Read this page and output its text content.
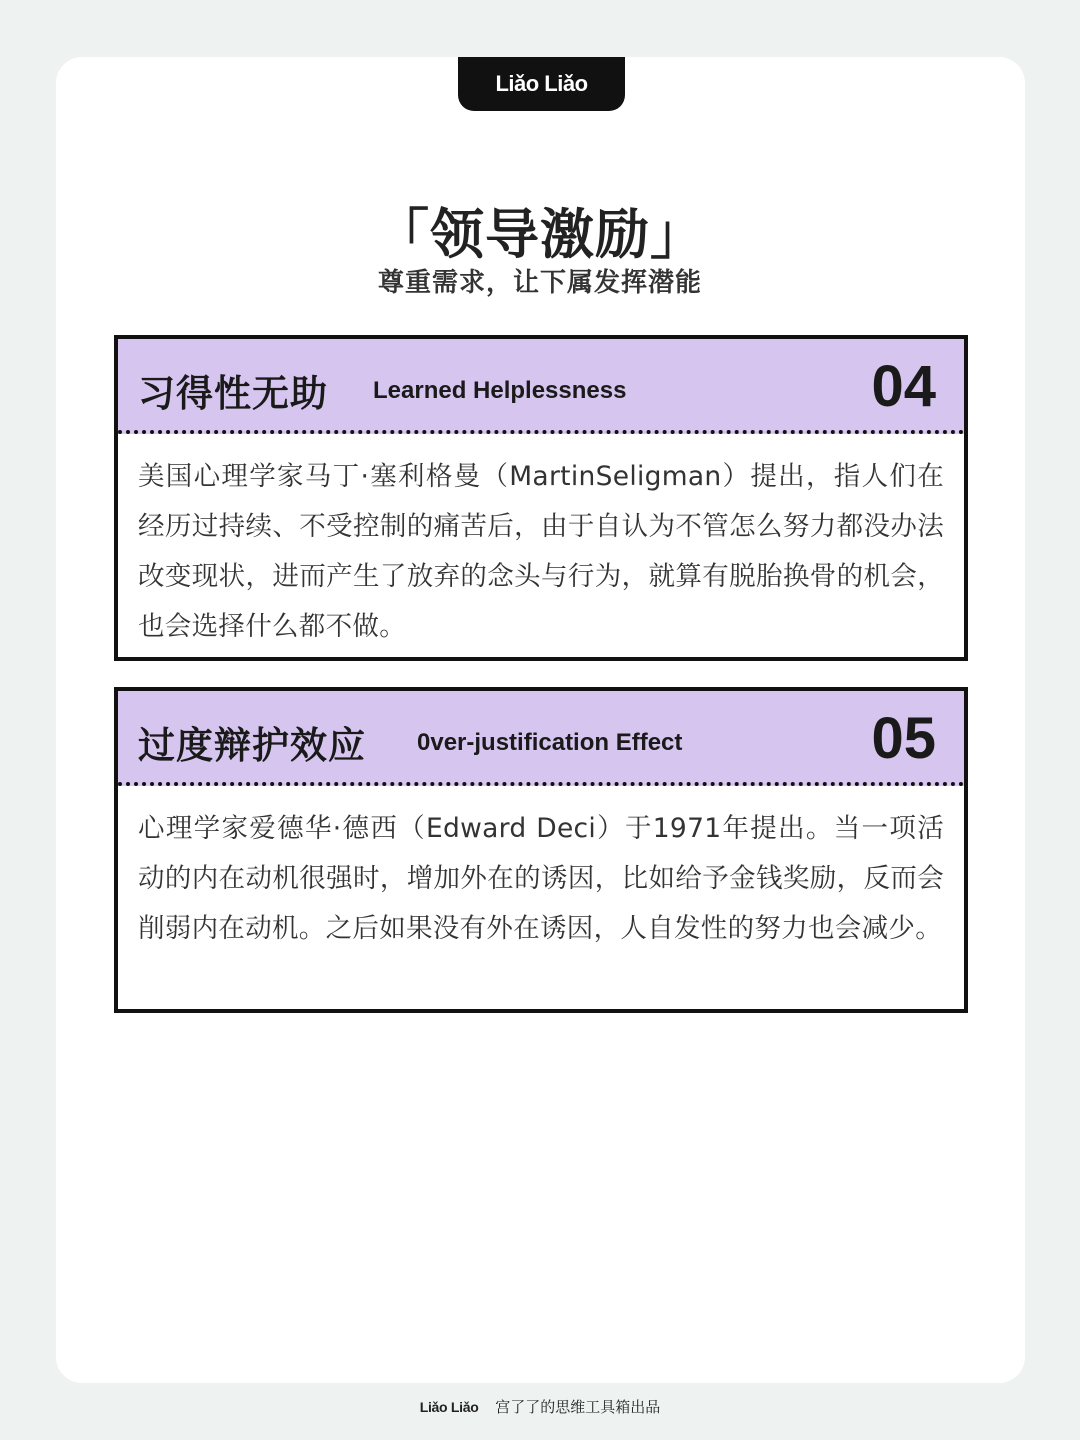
Liǎo Liǎo
「领导激励」
尊重需求，让下属发挥潜能
习得性无助 Learned Helplessness	04
美国心理学家马丁·塞利格曼（MartinSeligman）提出，指人们在经历过持续、不受控制的痛苦后，由于自认为不管怎么努力都没办法改变现状，进而产生了放弃的念头与行为，就算有脱胎换骨的机会，也会选择什么都不做。
过度辩护效应 0ver-justification Effect	05
心理学家爱德华·德西（Edward Deci）于1971年提出。当一项活动的内在动机很强时，增加外在的诱因，比如给予金钱奖励，反而会削弱内在动机。之后如果没有外在诱因，人自发性的努力也会减少。
Liǎo Liǎo 宫了了的思维工具箱出品
